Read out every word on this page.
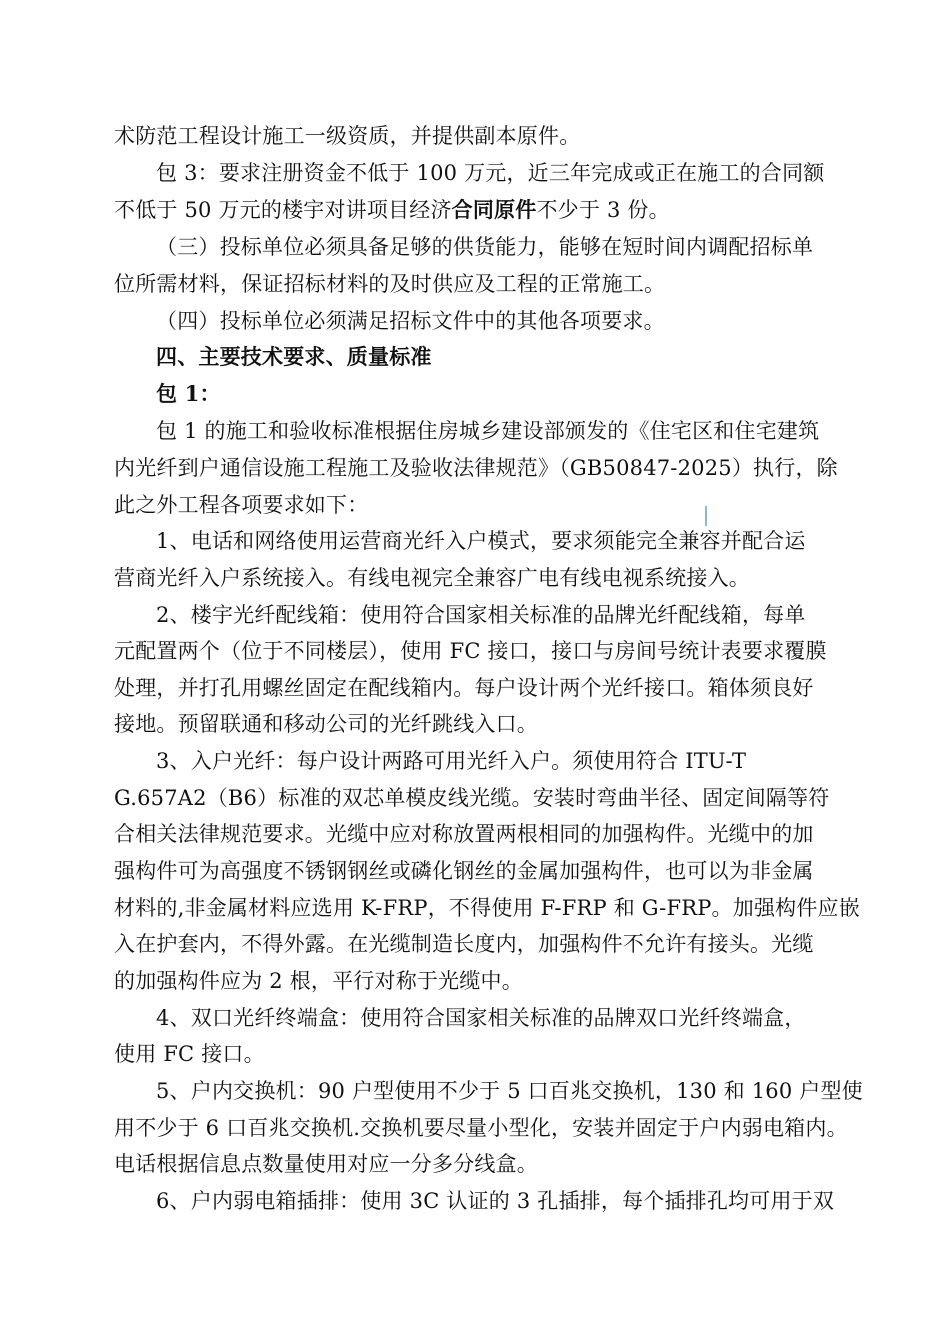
术防范工程设计施工一级资质，并提供副本原件。
包 3：要求注册资金不低于 100 万元，近三年完成或正在施工的合同额
不低于 50 万元的楼宇对讲项目经济合同原件不少于 3 份。
（三）投标单位必须具备足够的供货能力，能够在短时间内调配招标单
位所需材料，保证招标材料的及时供应及工程的正常施工。
（四）投标单位必须满足招标文件中的其他各项要求。
四、主要技术要求、质量标准
包 1：
包 1 的施工和验收标准根据住房城乡建设部颁发的《住宅区和住宅建筑
内光纤到户通信设施工程施工及验收法律规范》（GB50847-2025）执行，除
此之外工程各项要求如下：
1、电话和网络使用运营商光纤入户模式，要求须能完全兼容并配合运
营商光纤入户系统接入。有线电视完全兼容广电有线电视系统接入。
2、楼宇光纤配线箱：使用符合国家相关标准的品牌光纤配线箱，每单
元配置两个（位于不同楼层），使用 FC 接口，接口与房间号统计表要求覆膜
处理，并打孔用螺丝固定在配线箱内。每户设计两个光纤接口。箱体须良好
接地。预留联通和移动公司的光纤跳线入口。
3、入户光纤：每户设计两路可用光纤入户。须使用符合 ITU-T
G.657A2（B6）标准的双芯单模皮线光缆。安装时弯曲半径、固定间隔等符
合相关法律规范要求。光缆中应对称放置两根相同的加强构件。光缆中的加
强构件可为高强度不锈钢钢丝或磷化钢丝的金属加强构件，也可以为非金属
材料的,非金属材料应选用 K-FRP，不得使用 F-FRP 和 G-FRP。加强构件应嵌
入在护套内，不得外露。在光缆制造长度内，加强构件不允许有接头。光缆
的加强构件应为 2 根，平行对称于光缆中。
4、双口光纤终端盒：使用符合国家相关标准的品牌双口光纤终端盒，
使用 FC 接口。
5、户内交换机：90 户型使用不少于 5 口百兆交换机，130 和 160 户型使
用不少于 6 口百兆交换机.交换机要尽量小型化，安装并固定于户内弱电箱内。
电话根据信息点数量使用对应一分多分线盒。
6、户内弱电箱插排：使用 3C 认证的 3 孔插排，每个插排孔均可用于双
